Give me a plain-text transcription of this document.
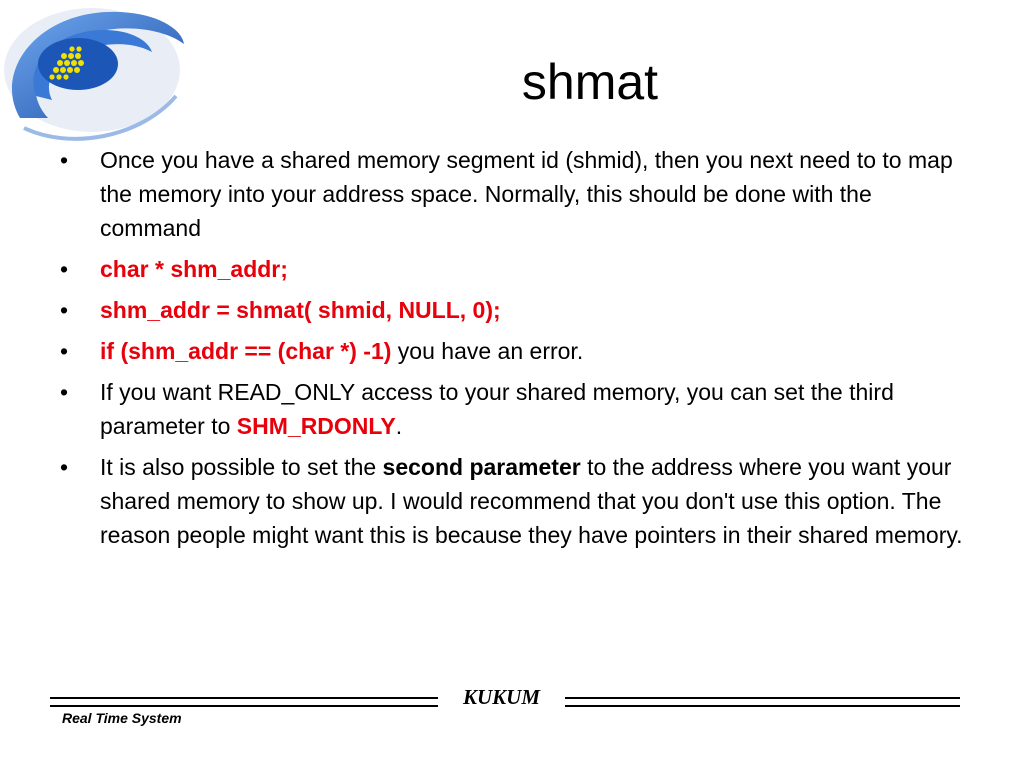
shmat
• Once you have a shared memory segment id (shmid), then you next need to to map the memory into your address space. Normally, this should be done with the command
• char * shm_addr;
• shm_addr = shmat( shmid, NULL, 0);
• if (shm_addr == (char *) -1) you have an error.
• If you want READ_ONLY access to your shared memory, you can set the third parameter to SHM_RDONLY.
• It is also possible to set the second parameter to the address where you want your shared memory to show up. I would recommend that you don't use this option. The reason people might want this is because they have pointers in their shared memory.
KUKUM
Real Time System
